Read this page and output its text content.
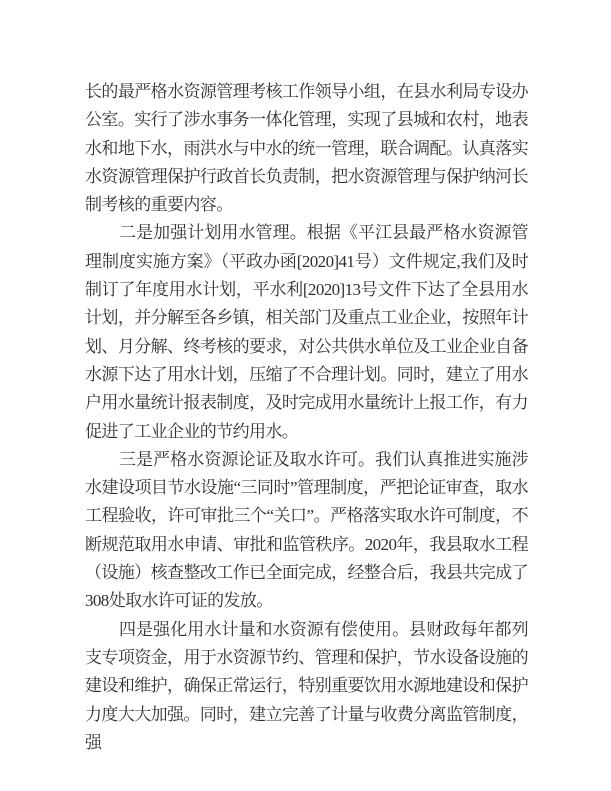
长的最严格水资源管理考核工作领导小组，在县水利局专设办公室。实行了涉水事务一体化管理，实现了县城和农村，地表水和地下水，雨洪水与中水的统一管理，联合调配。认真落实水资源管理保护行政首长负责制，把水资源管理与保护纳河长制考核的重要内容。

二是加强计划用水管理。根据《平江县最严格水资源管理制度实施方案》（平政办函[2020]41号）文件规定,我们及时制订了年度用水计划，平水利[2020]13号文件下达了全县用水计划，并分解至各乡镇，相关部门及重点工业企业，按照年计划、月分解、终考核的要求，对公共供水单位及工业企业自备水源下达了用水计划，压缩了不合理计划。同时，建立了用水户用水量统计报表制度，及时完成用水量统计上报工作，有力促进了工业企业的节约用水。

三是严格水资源论证及取水许可。我们认真推进实施涉水建设项目节水设施“三同时”管理制度，严把论证审查，取水工程验收，许可审批三个“关口”。严格落实取水许可制度，不断规范取用水申请、审批和监管秩序。2020年，我县取水工程（设施）核查整改工作已全面完成，经整合后，我县共完成了308处取水许可证的发放。

四是强化用水计量和水资源有偿使用。县财政每年都列支专项资金，用于水资源节约、管理和保护，节水设备设施的建设和维护，确保正常运行，特别重要饮用水源地建设和保护力度大大加强。同时，建立完善了计量与收费分离监管制度，强
